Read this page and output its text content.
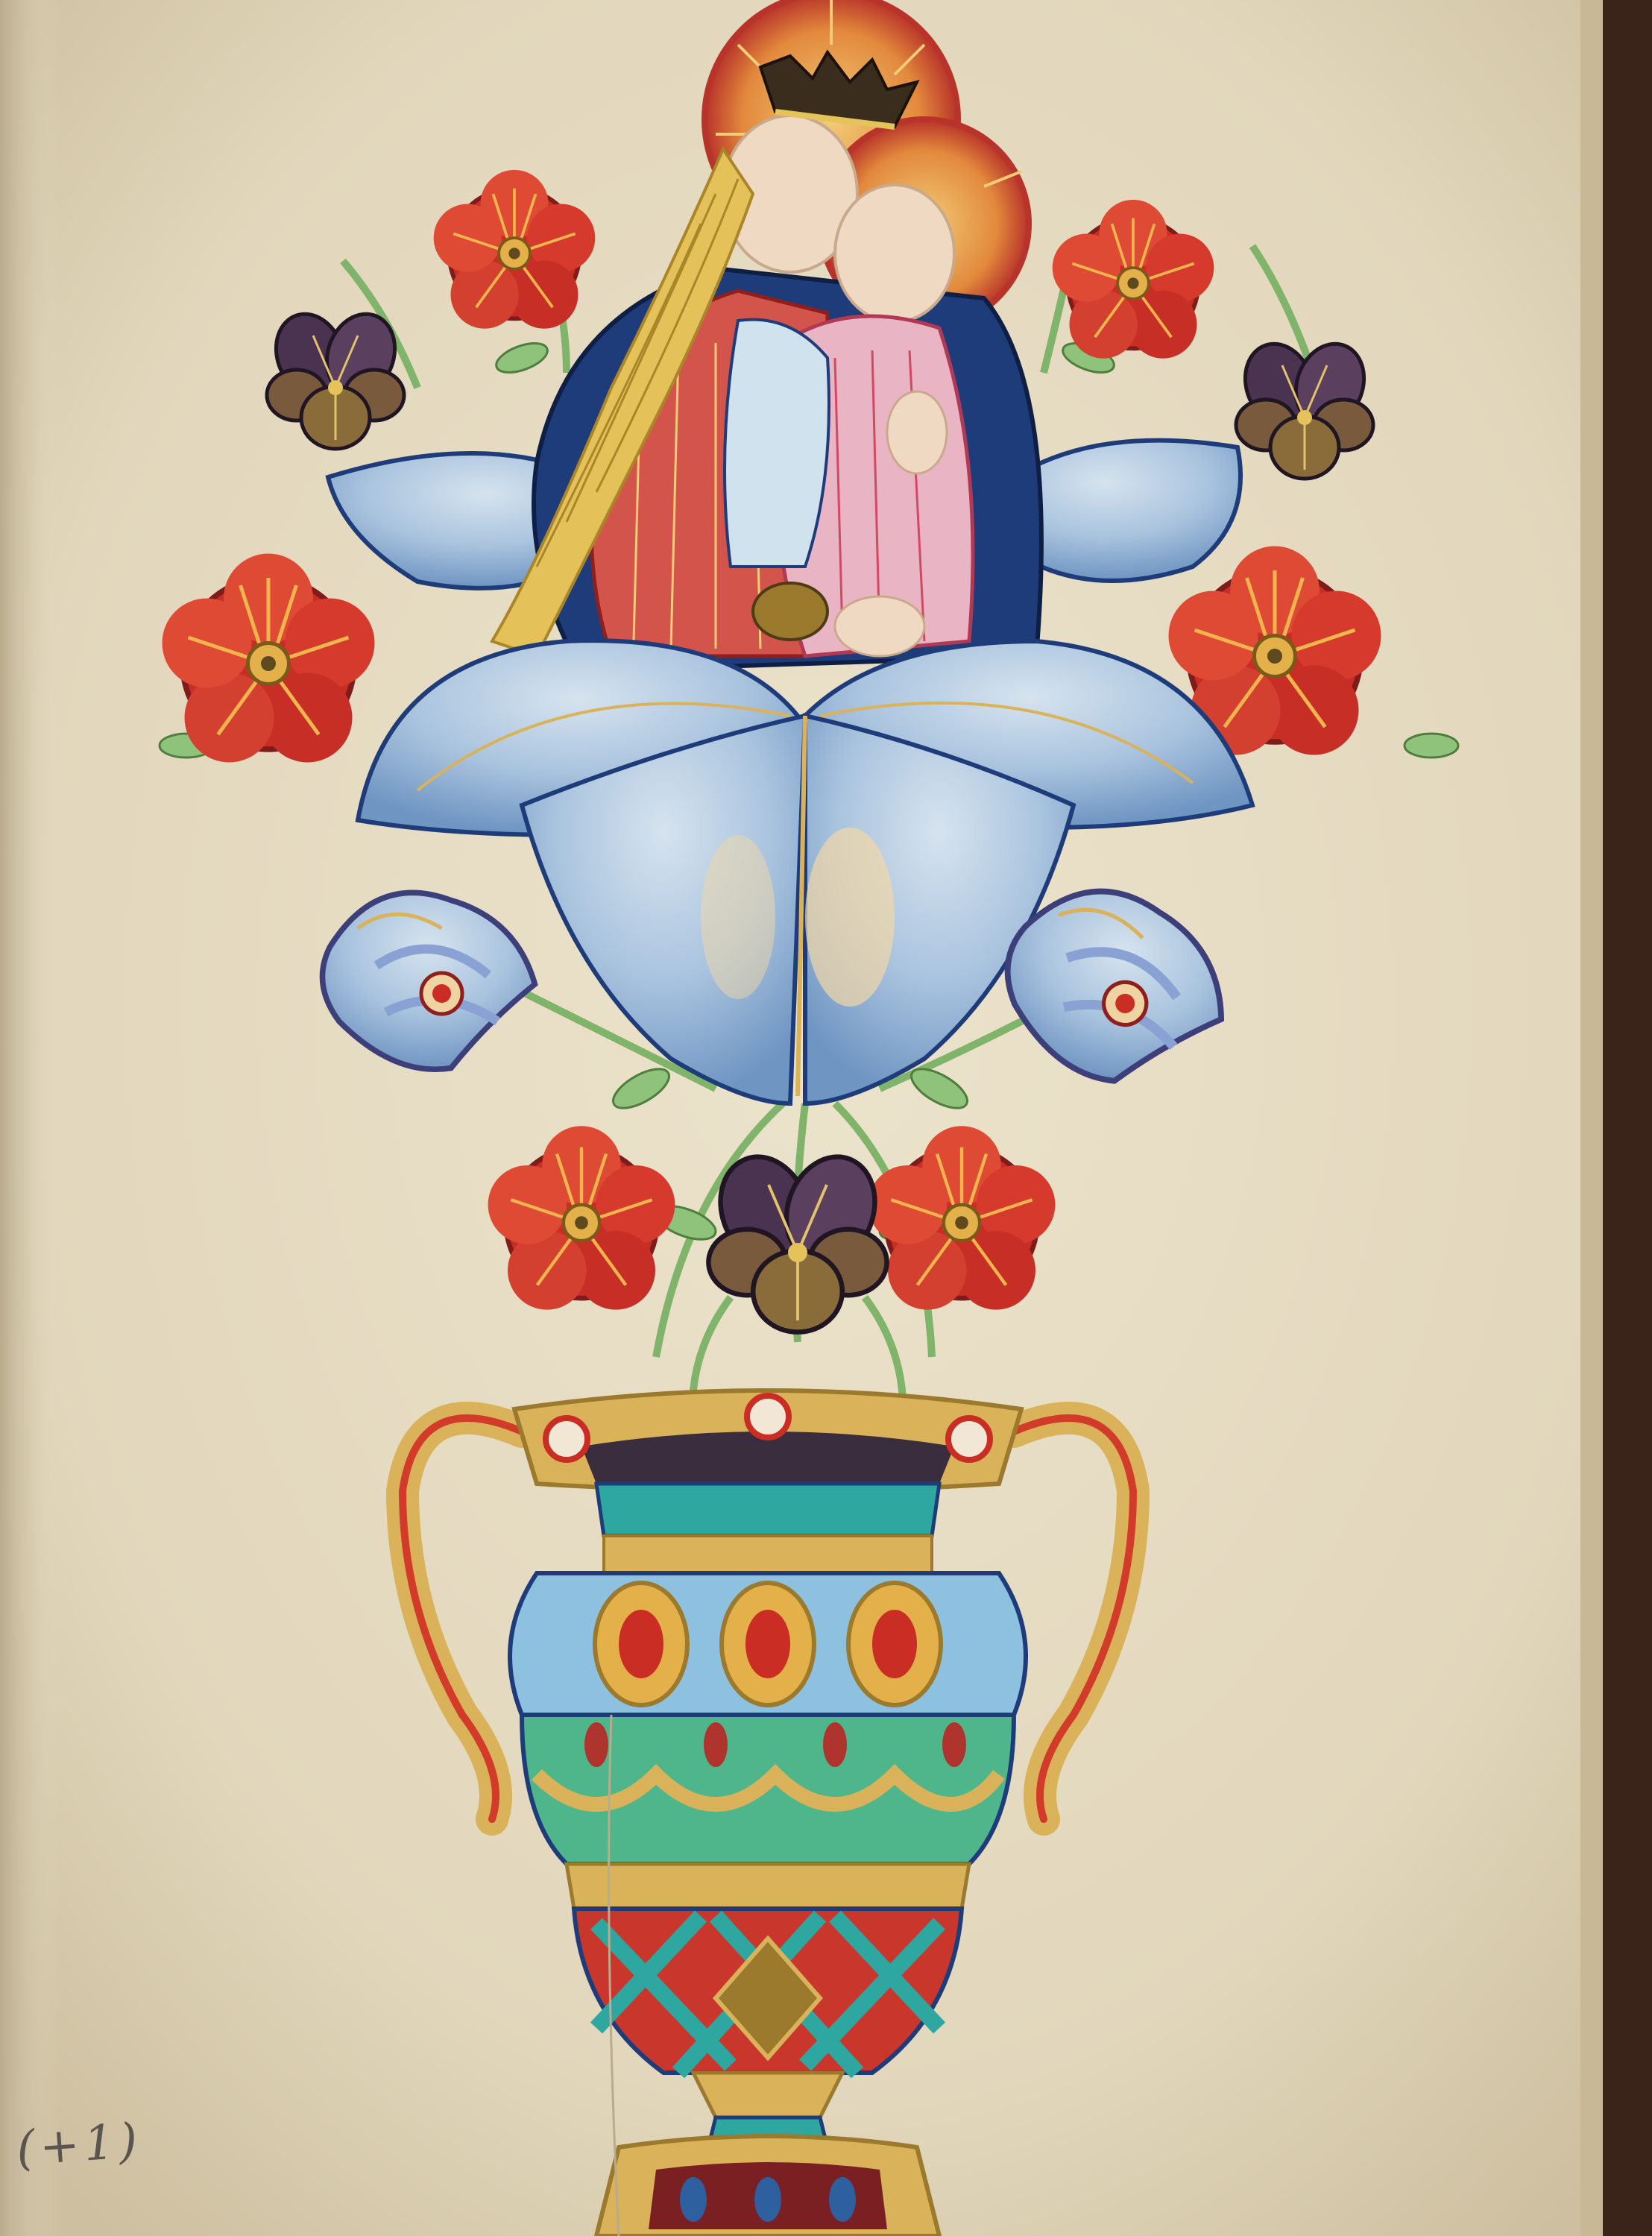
(+1)
